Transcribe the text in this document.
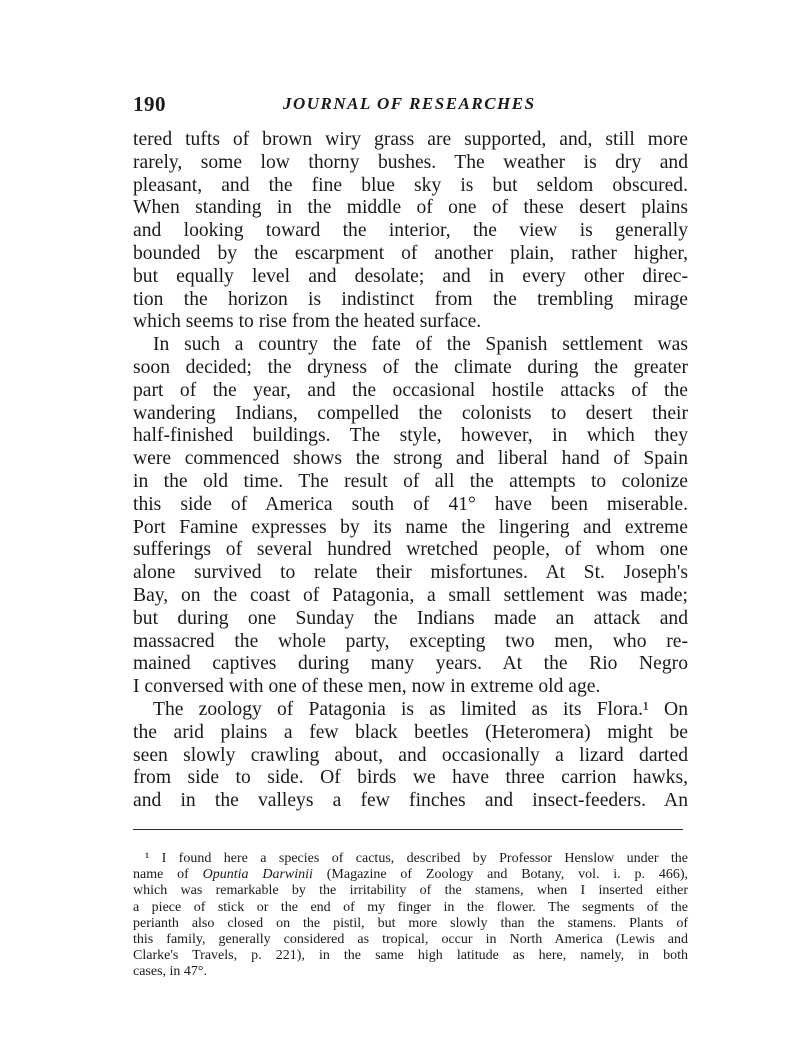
190	JOURNAL OF RESEARCHES
tered tufts of brown wiry grass are supported, and, still more
rarely, some low thorny bushes. The weather is dry and
pleasant, and the fine blue sky is but seldom obscured.
When standing in the middle of one of these desert plains
and looking toward the interior, the view is generally
bounded by the escarpment of another plain, rather higher,
but equally level and desolate; and in every other direc-
tion the horizon is indistinct from the trembling mirage
which seems to rise from the heated surface.
In such a country the fate of the Spanish settlement was
soon decided; the dryness of the climate during the greater
part of the year, and the occasional hostile attacks of the
wandering Indians, compelled the colonists to desert their
half-finished buildings. The style, however, in which they
were commenced shows the strong and liberal hand of Spain
in the old time. The result of all the attempts to colonize
this side of America south of 41° have been miserable.
Port Famine expresses by its name the lingering and extreme
sufferings of several hundred wretched people, of whom one
alone survived to relate their misfortunes. At St. Joseph's
Bay, on the coast of Patagonia, a small settlement was made;
but during one Sunday the Indians made an attack and
massacred the whole party, excepting two men, who re-
mained captives during many years. At the Rio Negro
I conversed with one of these men, now in extreme old age.
The zoology of Patagonia is as limited as its Flora.¹ On
the arid plains a few black beetles (Heteromera) might be
seen slowly crawling about, and occasionally a lizard darted
from side to side. Of birds we have three carrion hawks,
and in the valleys a few finches and insect-feeders. An
¹ I found here a species of cactus, described by Professor Henslow under the
name of Opuntia Darwinii (Magazine of Zoology and Botany, vol. i. p. 466),
which was remarkable by the irritability of the stamens, when I inserted either
a piece of stick or the end of my finger in the flower. The segments of the
perianth also closed on the pistil, but more slowly than the stamens. Plants of
this family, generally considered as tropical, occur in North America (Lewis and
Clarke's Travels, p. 221), in the same high latitude as here, namely, in both
cases, in 47°.
